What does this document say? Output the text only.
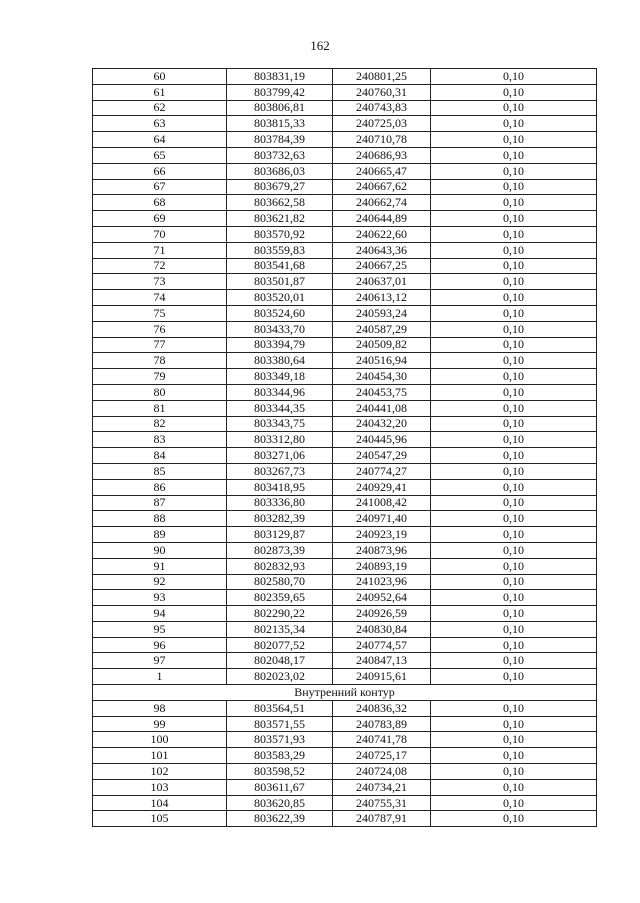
162
60	803831,19	240801,25	0,10
61	803799,42	240760,31	0,10
62	803806,81	240743,83	0,10
63	803815,33	240725,03	0,10
64	803784,39	240710,78	0,10
65	803732,63	240686,93	0,10
66	803686,03	240665,47	0,10
67	803679,27	240667,62	0,10
68	803662,58	240662,74	0,10
69	803621,82	240644,89	0,10
70	803570,92	240622,60	0,10
71	803559,83	240643,36	0,10
72	803541,68	240667,25	0,10
73	803501,87	240637,01	0,10
74	803520,01	240613,12	0,10
75	803524,60	240593,24	0,10
76	803433,70	240587,29	0,10
77	803394,79	240509,82	0,10
78	803380,64	240516,94	0,10
79	803349,18	240454,30	0,10
80	803344,96	240453,75	0,10
81	803344,35	240441,08	0,10
82	803343,75	240432,20	0,10
83	803312,80	240445,96	0,10
84	803271,06	240547,29	0,10
85	803267,73	240774,27	0,10
86	803418,95	240929,41	0,10
87	803336,80	241008,42	0,10
88	803282,39	240971,40	0,10
89	803129,87	240923,19	0,10
90	802873,39	240873,96	0,10
91	802832,93	240893,19	0,10
92	802580,70	241023,96	0,10
93	802359,65	240952,64	0,10
94	802290,22	240926,59	0,10
95	802135,34	240830,84	0,10
96	802077,52	240774,57	0,10
97	802048,17	240847,13	0,10
1	802023,02	240915,61	0,10
Внутренний контур			
98	803564,51	240836,32	0,10
99	803571,55	240783,89	0,10
100	803571,93	240741,78	0,10
101	803583,29	240725,17	0,10
102	803598,52	240724,08	0,10
103	803611,67	240734,21	0,10
104	803620,85	240755,31	0,10
105	803622,39	240787,91	0,10
